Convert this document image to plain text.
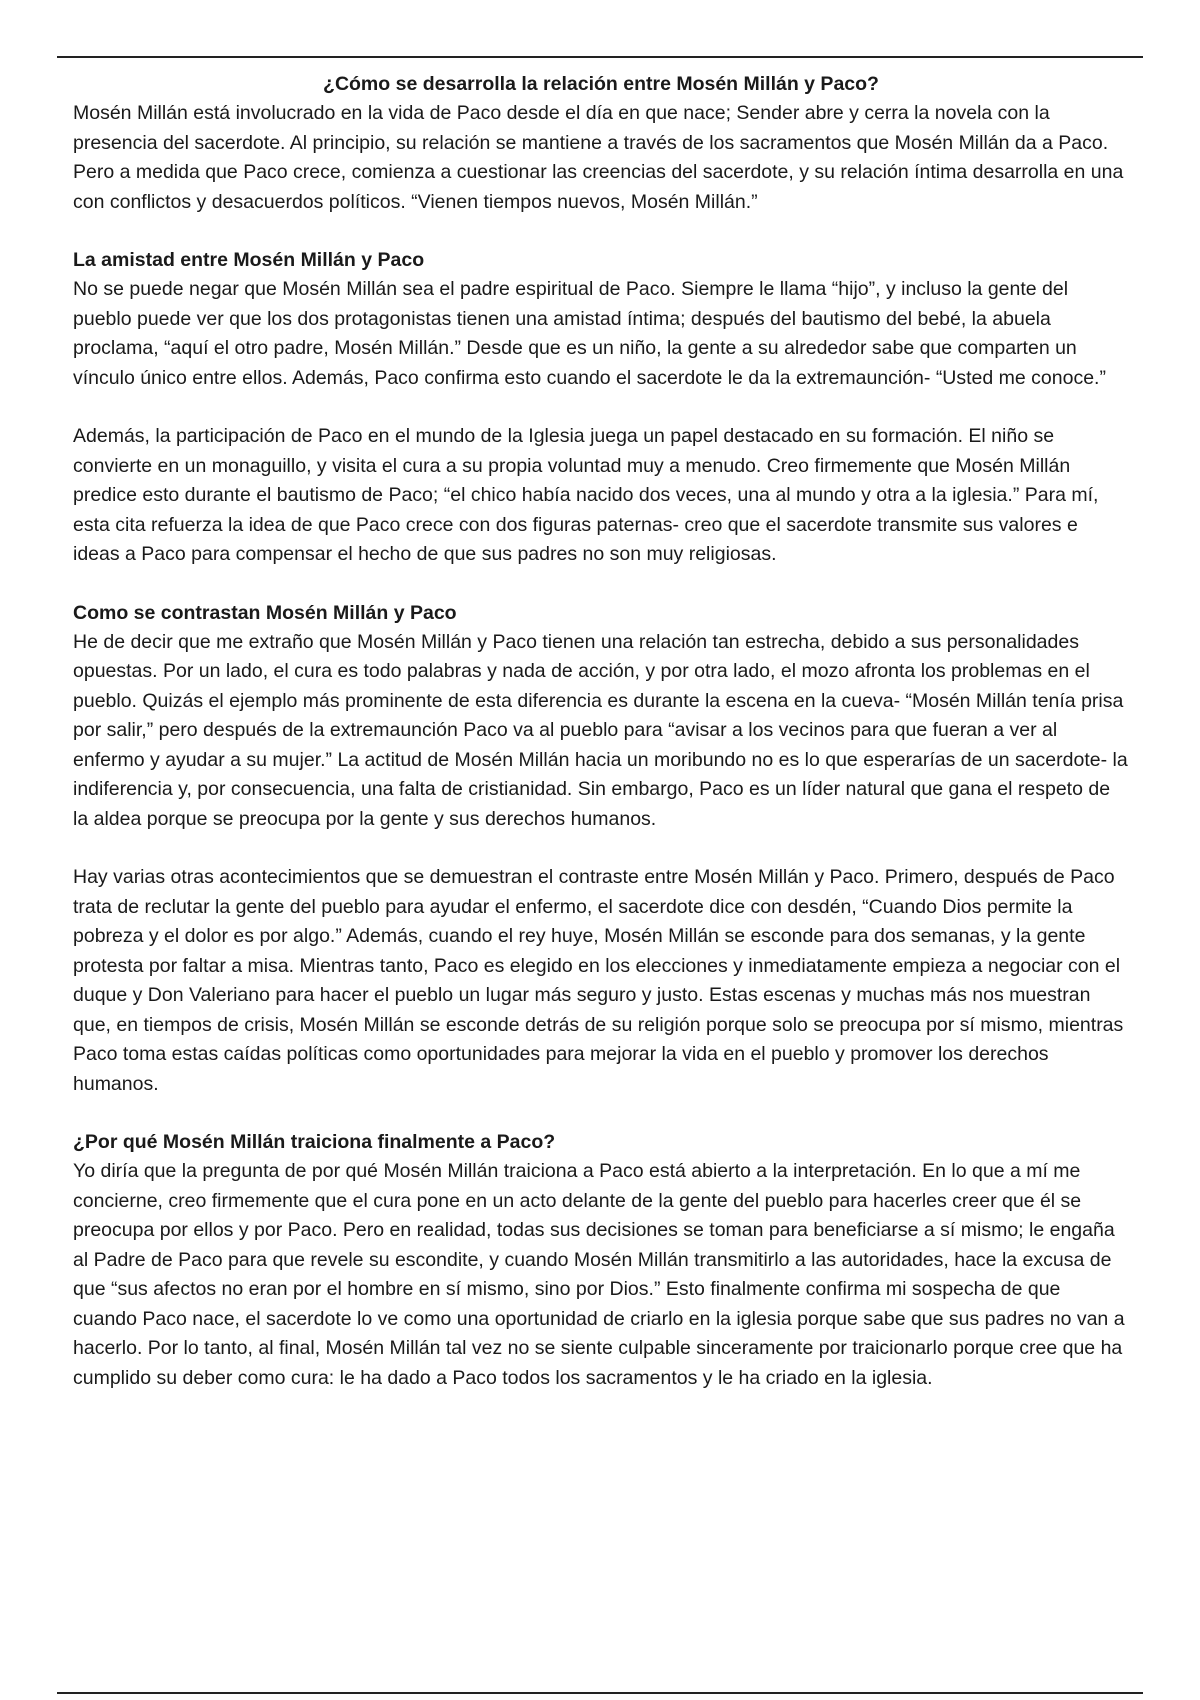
¿Cómo se desarrolla la relación entre Mosén Millán y Paco?

Mosén Millán está involucrado en la vida de Paco desde el día en que nace; Sender abre y cerra la novela con la presencia del sacerdote. Al principio, su relación se mantiene a través de los sacramentos que Mosén Millán da a Paco. Pero a medida que Paco crece, comienza a cuestionar las creencias del sacerdote, y su relación íntima desarrolla en una con conflictos y desacuerdos políticos. “Vienen tiempos nuevos, Mosén Millán.”

La amistad entre Mosén Millán y Paco

No se puede negar que Mosén Millán sea el padre espiritual de Paco. Siempre le llama “hijo”, y incluso la gente del pueblo puede ver que los dos protagonistas tienen una amistad íntima; después del bautismo del bebé, la abuela proclama, “aquí el otro padre, Mosén Millán.” Desde que es un niño, la gente a su alrededor sabe que comparten un vínculo único entre ellos. Además, Paco confirma esto cuando el sacerdote le da la extremaunción- “Usted me conoce.”

Además, la participación de Paco en el mundo de la Iglesia juega un papel destacado en su formación. El niño se convierte en un monaguillo, y visita el cura a su propia voluntad muy a menudo. Creo firmemente que Mosén Millán predice esto durante el bautismo de Paco; “el chico había nacido dos veces, una al mundo y otra a la iglesia.” Para mí, esta cita refuerza la idea de que Paco crece con dos figuras paternas- creo que el sacerdote transmite sus valores e ideas a Paco para compensar el hecho de que sus padres no son muy religiosas.

Como se contrastan Mosén Millán y Paco

He de decir que me extraño que Mosén Millán y Paco tienen una relación tan estrecha, debido a sus personalidades opuestas. Por un lado, el cura es todo palabras y nada de acción, y por otra lado, el mozo afronta los problemas en el pueblo. Quizás el ejemplo más prominente de esta diferencia es durante la escena en la cueva- “Mosén Millán tenía prisa por salir,” pero después de la extremaunción Paco va al pueblo para “avisar a los vecinos para que fueran a ver al enfermo y ayudar a su mujer.” La actitud de Mosén Millán hacia un moribundo no es lo que esperarías de un sacerdote- la indiferencia y, por consecuencia, una falta de cristianidad. Sin embargo, Paco es un líder natural que gana el respeto de la aldea porque se preocupa por la gente y sus derechos humanos.

Hay varias otras acontecimientos que se demuestran el contraste entre Mosén Millán y Paco. Primero, después de Paco trata de reclutar la gente del pueblo para ayudar el enfermo, el sacerdote dice con desdén, “Cuando Dios permite la pobreza y el dolor es por algo.” Además, cuando el rey huye, Mosén Millán se esconde para dos semanas, y la gente protesta por faltar a misa. Mientras tanto, Paco es elegido en los elecciones y inmediatamente empieza a negociar con el duque y Don Valeriano para hacer el pueblo un lugar más seguro y justo. Estas escenas y muchas más nos muestran que, en tiempos de crisis, Mosén Millán se esconde detrás de su religión porque solo se preocupa por sí mismo, mientras Paco toma estas caídas políticas como oportunidades para mejorar la vida en el pueblo y promover los derechos humanos.

¿Por qué Mosén Millán traiciona finalmente a Paco?

Yo diría que la pregunta de por qué Mosén Millán traiciona a Paco está abierto a la interpretación. En lo que a mí me concierne, creo firmemente que el cura pone en un acto delante de la gente del pueblo para hacerles creer que él se preocupa por ellos y por Paco. Pero en realidad, todas sus decisiones se toman para beneficiarse a sí mismo; le engaña al Padre de Paco para que revele su escondite, y cuando Mosén Millán transmitirlo a las autoridades, hace la excusa de que “sus afectos no eran por el hombre en sí mismo, sino por Dios.” Esto finalmente confirma mi sospecha de que cuando Paco nace, el sacerdote lo ve como una oportunidad de criarlo en la iglesia porque sabe que sus padres no van a hacerlo. Por lo tanto, al final, Mosén Millán tal vez no se siente culpable sinceramente por traicionarlo porque cree que ha cumplido su deber como cura: le ha dado a Paco todos los sacramentos y le ha criado en la iglesia.
